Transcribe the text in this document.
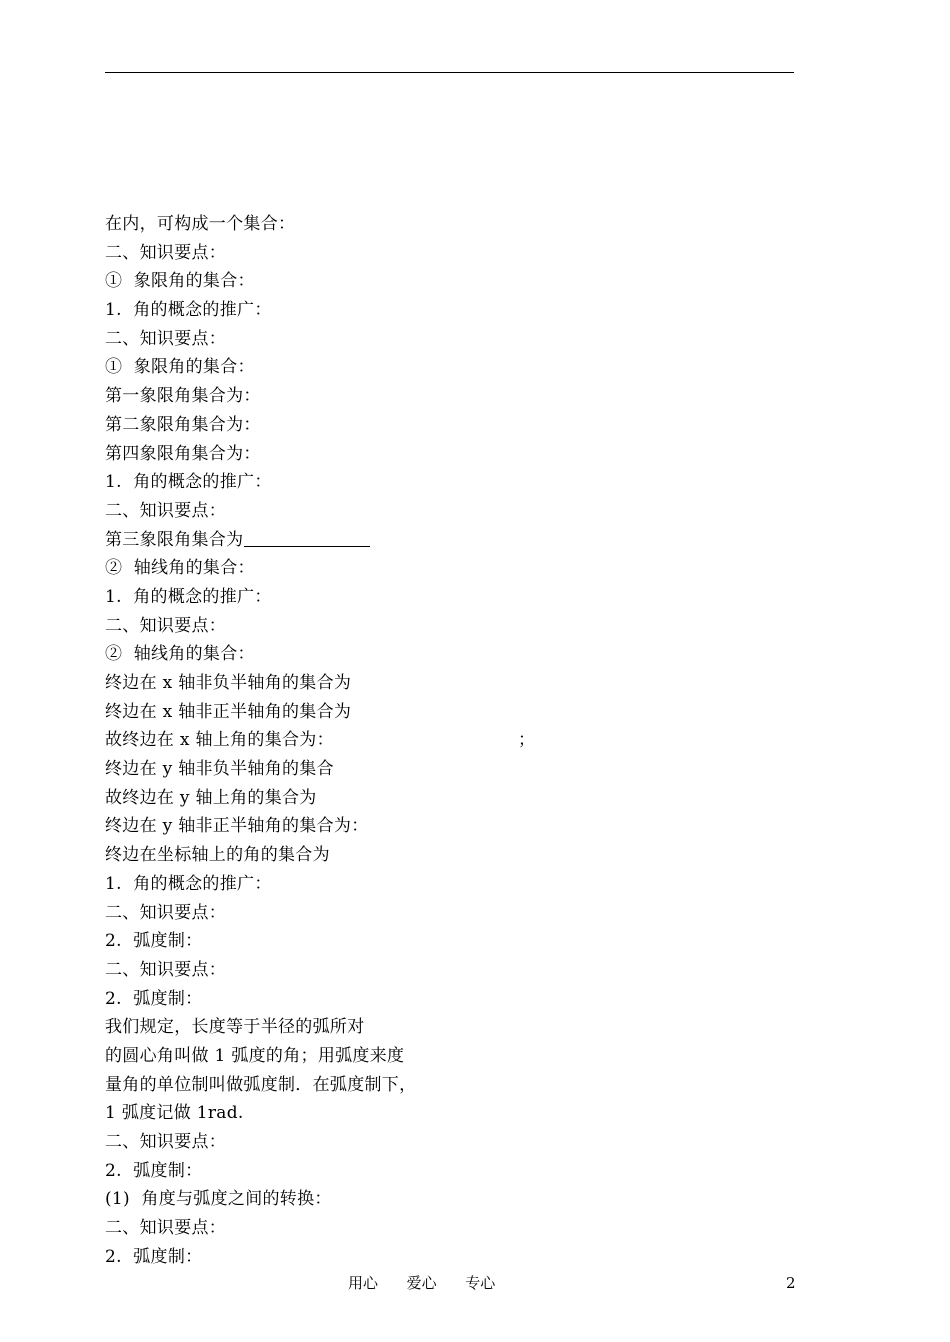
在内，可构成一个集合：
二、知识要点：
①  象限角的集合：
1.  角的概念的推广：
二、知识要点：
①  象限角的集合：
第一象限角集合为：
第二象限角集合为：
第四象限角集合为：
1.  角的概念的推广：
二、知识要点：
第三象限角集合为
②  轴线角的集合：
1.  角的概念的推广：
二、知识要点：
②  轴线角的集合：
终边在 x 轴非负半轴角的集合为
终边在 x 轴非正半轴角的集合为
故终边在 x 轴上角的集合为：	；
终边在 y 轴非负半轴角的集合
故终边在 y 轴上角的集合为
终边在 y 轴非正半轴角的集合为：
终边在坐标轴上的角的集合为
1.  角的概念的推广：
二、知识要点：
2.  弧度制：
二、知识要点：
2.  弧度制：
我们规定，长度等于半径的弧所对
的圆心角叫做 1 弧度的角；用弧度来度
量角的单位制叫做弧度制．在弧度制下，
1 弧度记做 1rad.
二、知识要点：
2.  弧度制：
(1)  角度与弧度之间的转换：
二、知识要点：
2.  弧度制：
用心      爱心      专心	2
